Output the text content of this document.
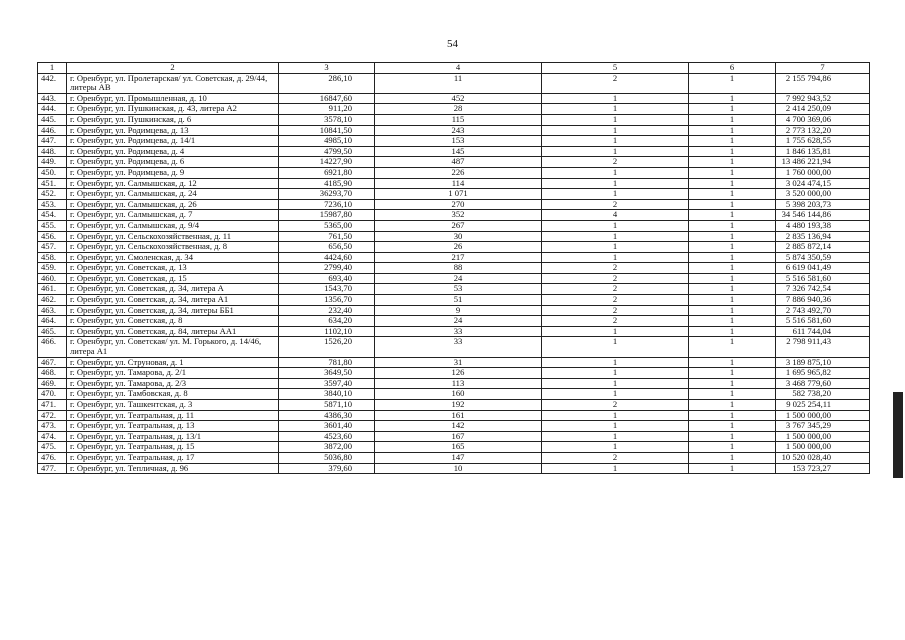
54
1	2	3	4	5	6	7
442.	г. Оренбург, ул. Пролетарская/ ул. Советская, д. 29/44, литеры АВ	286,10	11	2	1	2 155 794,86
443.	г. Оренбург, ул. Промышленная, д. 10	16847,60	452	1	1	7 992 943,52
444.	г. Оренбург, ул. Пушкинская, д. 43, литера А2	911,20	28	1	1	2 414 250,09
445.	г. Оренбург, ул. Пушкинская, д. 6	3578,10	115	1	1	4 700 369,06
446.	г. Оренбург, ул. Родимцева, д. 13	10841,50	243	1	1	2 773 132,20
447.	г. Оренбург, ул. Родимцева, д. 14/1	4985,10	153	1	1	1 755 628,55
448.	г. Оренбург, ул. Родимцева, д. 4	4799,50	145	1	1	1 846 135,81
449.	г. Оренбург, ул. Родимцева, д. 6	14227,90	487	2	1	13 486 221,94
450.	г. Оренбург, ул. Родимцева, д. 9	6921,80	226	1	1	1 760 000,00
451.	г. Оренбург, ул. Салмышская, д. 12	4185,90	114	1	1	3 024 474,15
452.	г. Оренбург, ул. Салмышская, д. 24	36293,70	1 071	1	1	3 520 000,00
453.	г. Оренбург, ул. Салмышская, д. 26	7236,10	270	2	1	5 398 203,73
454.	г. Оренбург, ул. Салмышская, д. 7	15987,80	352	4	1	34 546 144,86
455.	г. Оренбург, ул. Салмышская, д. 9/4	5365,00	267	1	1	4 480 193,38
456.	г. Оренбург, ул. Сельскохозяйственная, д. 11	761,50	30	1	1	2 835 136,94
457.	г. Оренбург, ул. Сельскохозяйственная, д. 8	656,50	26	1	1	2 885 872,14
458.	г. Оренбург, ул. Смоленская, д. 34	4424,60	217	1	1	5 874 350,59
459.	г. Оренбург, ул. Советская, д. 13	2799,40	88	2	1	6 619 041,49
460.	г. Оренбург, ул. Советская, д. 15	693,40	24	2	1	5 516 581,60
461.	г. Оренбург, ул. Советская, д. 34, литера А	1543,70	53	2	1	7 326 742,54
462.	г. Оренбург, ул. Советская, д. 34, литера А1	1356,70	51	2	1	7 886 940,36
463.	г. Оренбург, ул. Советская, д. 34, литеры ББ1	232,40	9	2	1	2 743 492,70
464.	г. Оренбург, ул. Советская, д. 8	634,20	24	2	1	5 516 581,60
465.	г. Оренбург, ул. Советская, д. 84, литеры АА1	1102,10	33	1	1	611 744,04
466.	г. Оренбург, ул. Советская/ ул. М. Горького, д. 14/46, литера А1	1526,20	33	1	1	2 798 911,43
467.	г. Оренбург, ул. Струновая, д. 1	781,80	31	1	1	3 189 875,10
468.	г. Оренбург, ул. Тамарова, д. 2/1	3649,50	126	1	1	1 695 965,82
469.	г. Оренбург, ул. Тамарова, д. 2/3	3597,40	113	1	1	3 468 779,60
470.	г. Оренбург, ул. Тамбовская, д. 8	3840,10	160	1	1	582 738,20
471.	г. Оренбург, ул. Ташкентская, д. 3	5871,10	192	2	1	9 025 254,11
472.	г. Оренбург, ул. Театральная, д. 11	4386,30	161	1	1	1 500 000,00
473.	г. Оренбург, ул. Театральная, д. 13	3601,40	142	1	1	3 767 345,29
474.	г. Оренбург, ул. Театральная, д. 13/1	4523,60	167	1	1	1 500 000,00
475.	г. Оренбург, ул. Театральная, д. 15	3872,00	165	1	1	1 500 000,00
476.	г. Оренбург, ул. Театральная, д. 17	5036,80	147	2	1	10 520 028,40
477.	г. Оренбург, ул. Тепличная, д. 96	379,60	10	1	1	153 723,27
